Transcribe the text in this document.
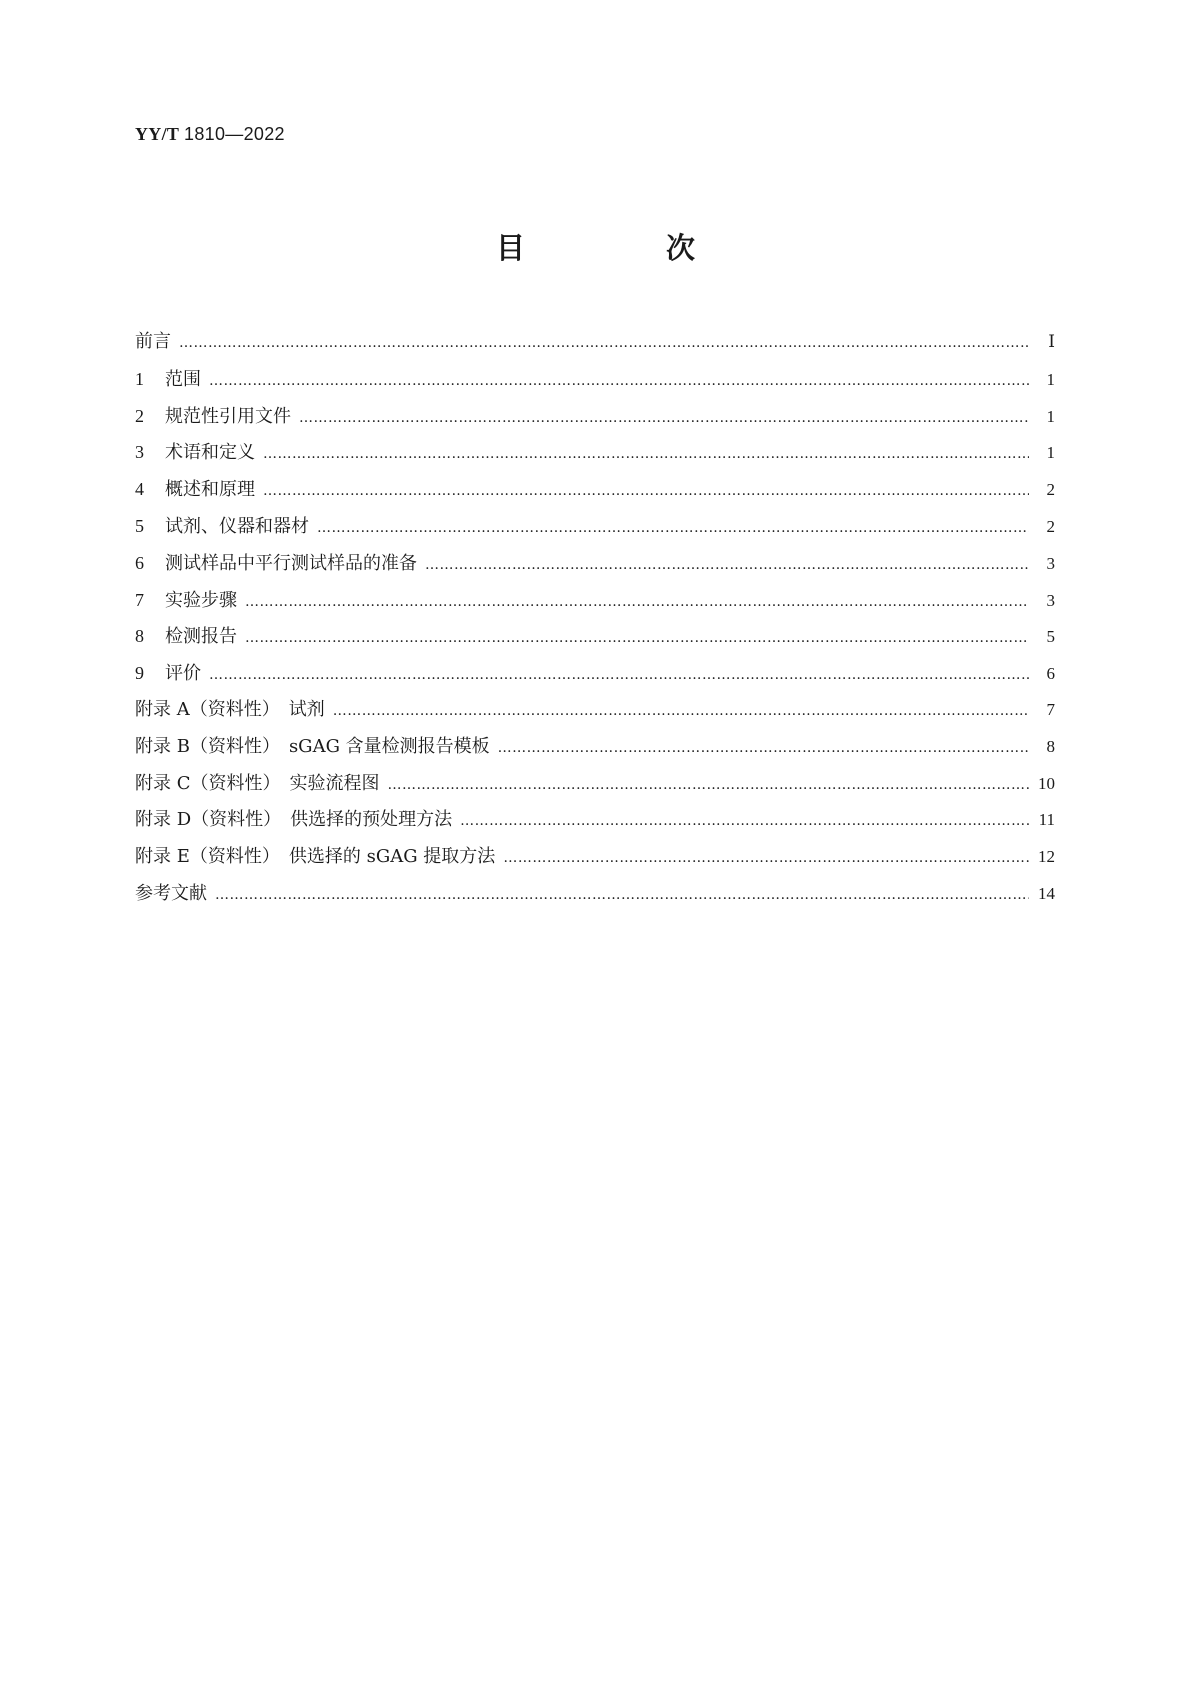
YY/T 1810—2022
目　次
前言 ……………………………………………………………………………………………………………………………………………………………………………………………	Ⅰ
1 范围 ……………………………………………………………………………………………………………………………………………………………………………………………	1
2 规范性引用文件 ……………………………………………………………………………………………………………………………………………………………………………………………	1
3 术语和定义 ……………………………………………………………………………………………………………………………………………………………………………………………	1
4 概述和原理 ……………………………………………………………………………………………………………………………………………………………………………………………	2
5 试剂、仪器和器材 ……………………………………………………………………………………………………………………………………………………………………………………………	2
6 测试样品中平行测试样品的准备 ……………………………………………………………………………………………………………………………………………………………………………………………	3
7 实验步骤 ……………………………………………………………………………………………………………………………………………………………………………………………	3
8 检测报告 ……………………………………………………………………………………………………………………………………………………………………………………………	5
9 评价 ……………………………………………………………………………………………………………………………………………………………………………………………	6
附录 A（资料性）　试剂 ……………………………………………………………………………………………………………………………………………………………………………………………	7
附录 B（资料性）　sGAG 含量检测报告模板 ……………………………………………………………………………………………………………………………………………………………………………………………	8
附录 C（资料性）　实验流程图 ……………………………………………………………………………………………………………………………………………………………………………………………	10
附录 D（资料性）　供选择的预处理方法 ……………………………………………………………………………………………………………………………………………………………………………………………	11
附录 E（资料性）　供选择的 sGAG 提取方法 ……………………………………………………………………………………………………………………………………………………………………………………………	12
参考文献 ……………………………………………………………………………………………………………………………………………………………………………………………	14
